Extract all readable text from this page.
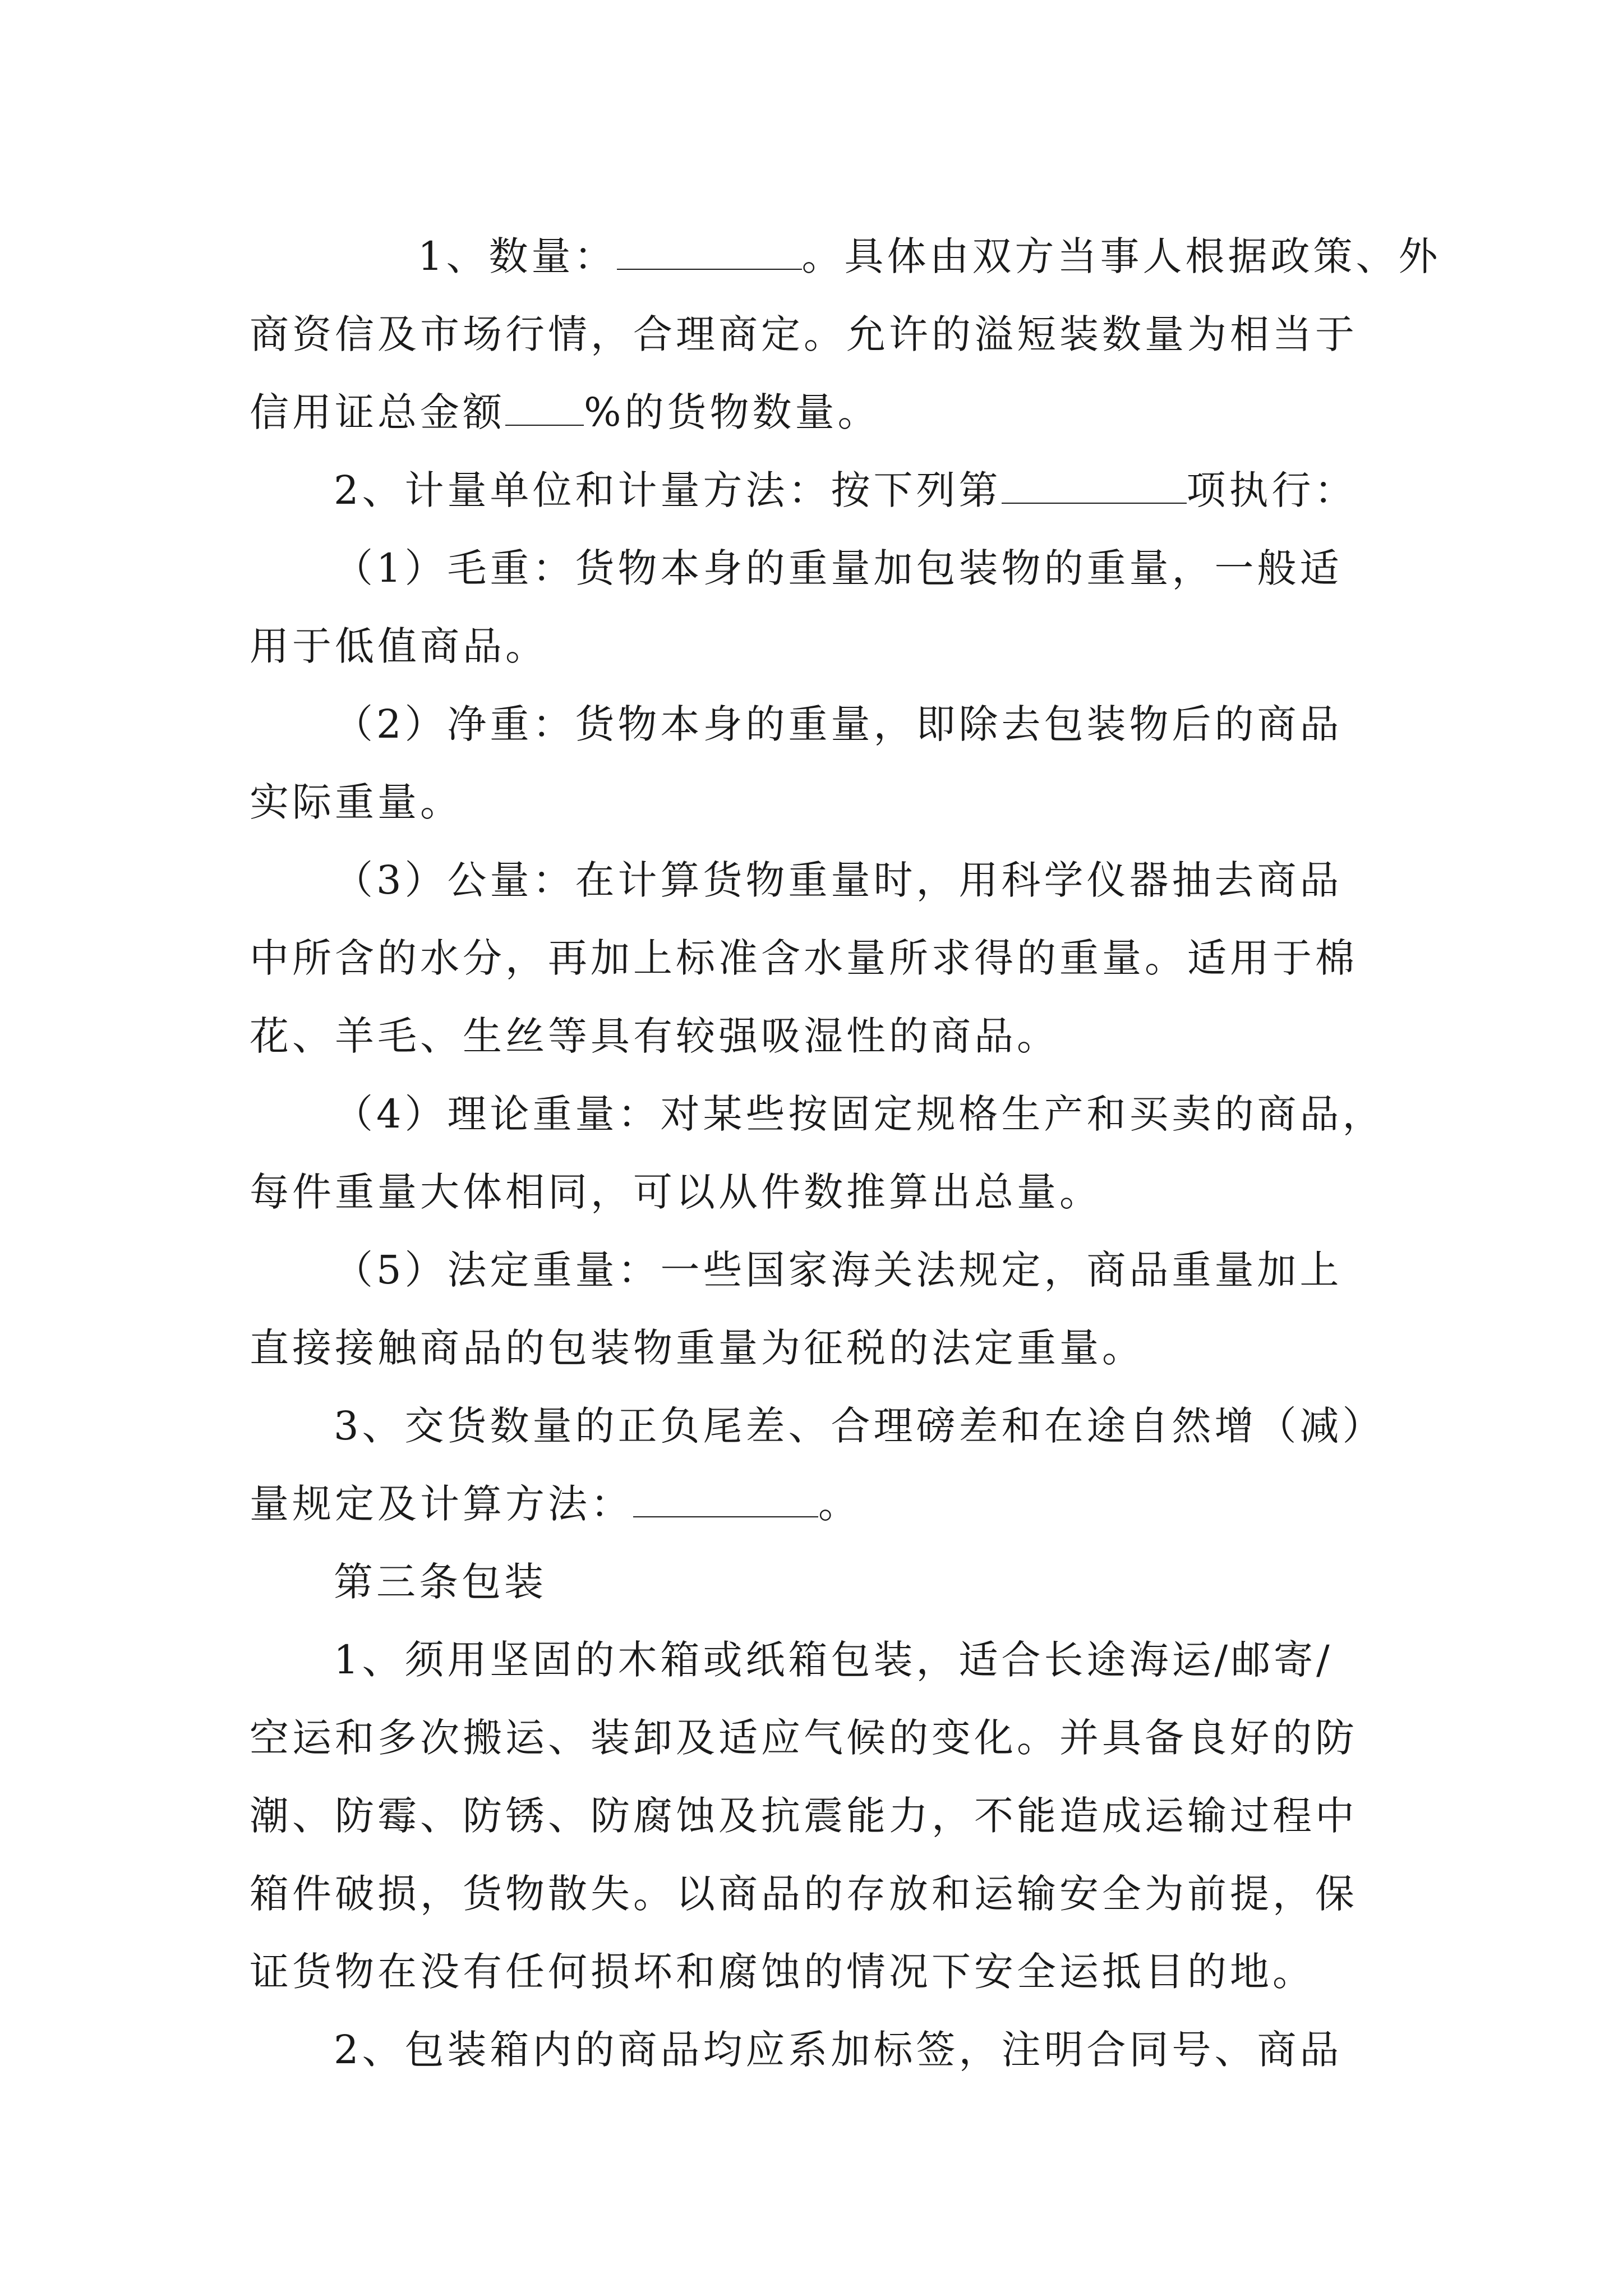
1、数量：	。具体由双方当事人根据政策、外
商资信及市场行情，合理商定。允许的溢短装数量为相当于
信用证总金额 %的货物数量。
2、计量单位和计量方法：按下列第	项执行：
（1）毛重：货物本身的重量加包装物的重量，一般适
用于低值商品。
（2）净重：货物本身的重量，即除去包装物后的商品
实际重量。
（3）公量：在计算货物重量时，用科学仪器抽去商品
中所含的水分，再加上标准含水量所求得的重量。适用于棉
花、羊毛、生丝等具有较强吸湿性的商品。
（4）理论重量：对某些按固定规格生产和买卖的商品，
每件重量大体相同，可以从件数推算出总量。
（5）法定重量：一些国家海关法规定，商品重量加上
直接接触商品的包装物重量为征税的法定重量。
3、交货数量的正负尾差、合理磅差和在途自然增（减）
量规定及计算方法：	。
第三条包装
1、须用坚固的木箱或纸箱包装，适合长途海运/邮寄/
空运和多次搬运、装卸及适应气候的变化。并具备良好的防
潮、防霉、防锈、防腐蚀及抗震能力，不能造成运输过程中
箱件破损，货物散失。以商品的存放和运输安全为前提，保
证货物在没有任何损坏和腐蚀的情况下安全运抵目的地。
2、包装箱内的商品均应系加标签，注明合同号、商品
